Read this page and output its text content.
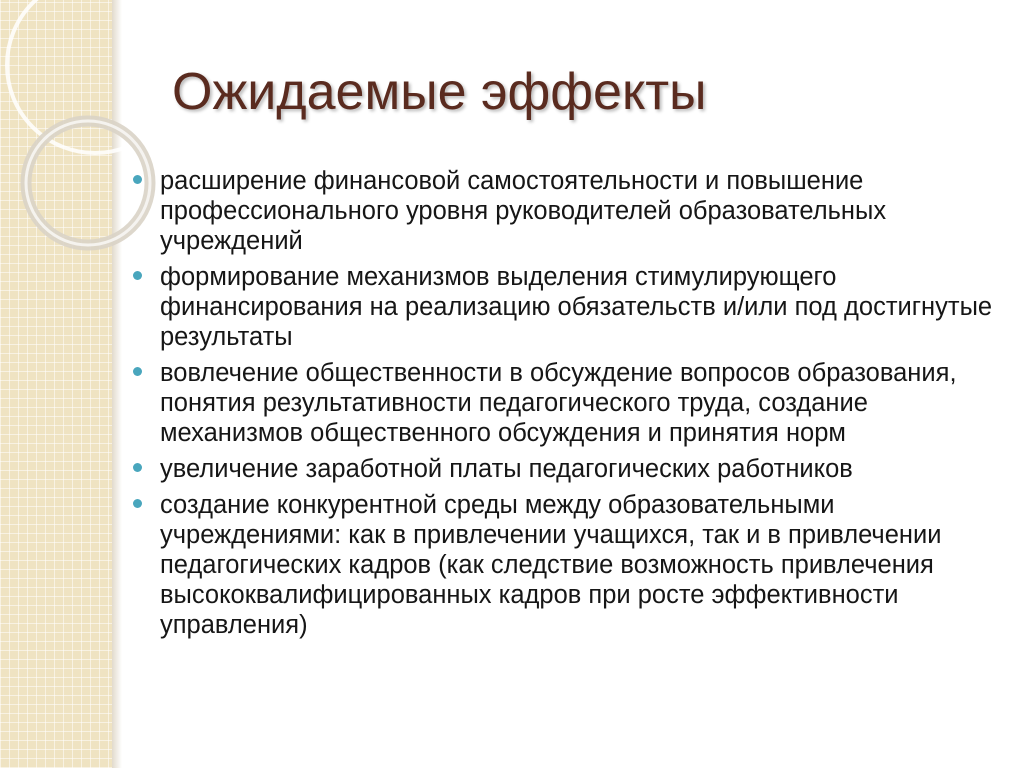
Ожидаемые эффекты
расширение финансовой самостоятельности и повышение профессионального уровня руководителей образовательных учреждений
формирование механизмов выделения стимулирующего финансирования на реализацию обязательств и/или под достигнутые результаты
вовлечение общественности в обсуждение вопросов образования, понятия результативности педагогического труда, создание механизмов общественного обсуждения и принятия норм
увеличение заработной платы педагогических работников
создание конкурентной среды между образовательными учреждениями: как в привлечении учащихся, так и в привлечении педагогических кадров (как следствие возможность привлечения высококвалифицированных кадров при росте эффективности управления)
